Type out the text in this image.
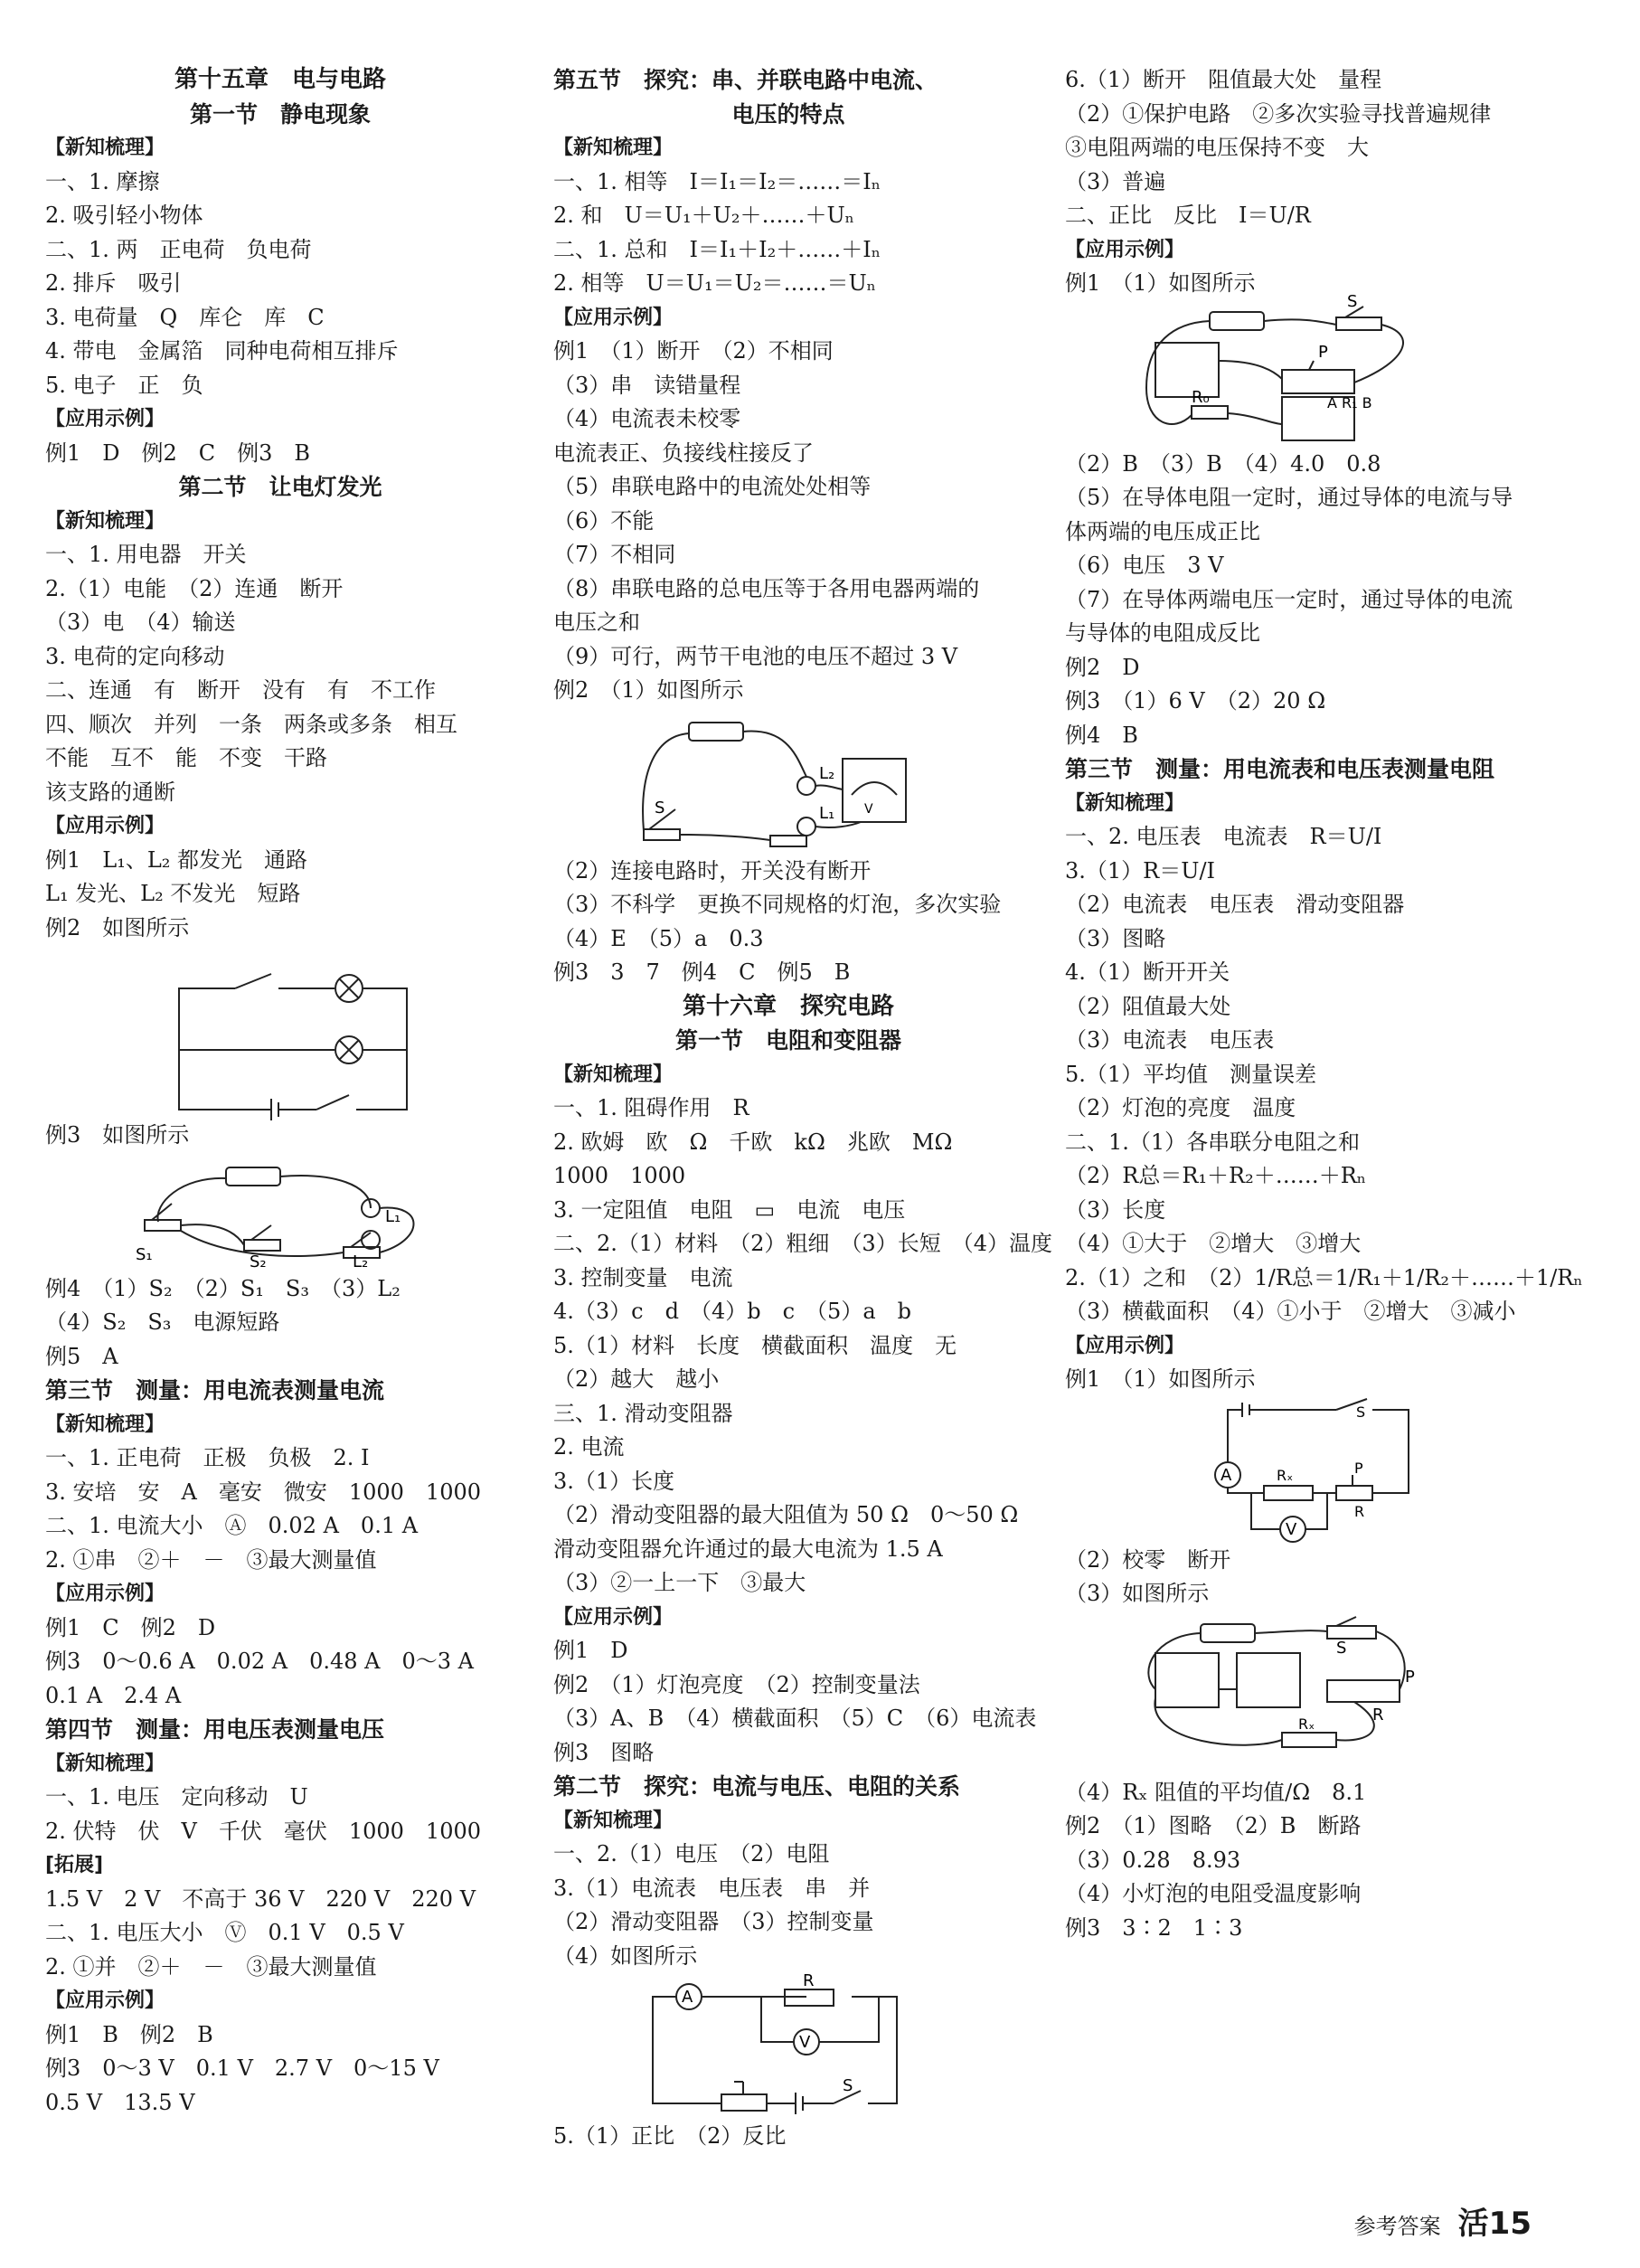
第十五章　电与电路
第一节　静电现象
【新知梳理】
一、1. 摩擦
2. 吸引轻小物体
二、1. 两　正电荷　负电荷
2. 排斥　吸引
3. 电荷量　Q　库仑　库　C
4. 带电　金属箔　同种电荷相互排斥
5. 电子　正　负
【应用示例】
例1　D　例2　C　例3　B
第二节　让电灯发光
【新知梳理】
一、1. 用电器　开关
2.（1）电能　（2）连通　断开
（3）电　（4）输送
3. 电荷的定向移动
二、连通　有　断开　没有　有　不工作
四、顺次　并列　一条　两条或多条　相互
不能　互不　能　不变　干路
该支路的通断
【应用示例】
例1　L₁、L₂ 都发光　通路
L₁ 发光、L₂ 不发光　短路
例2　如图所示
例3　如图所示
S₁	S₂	L₂
L₁
例4　（1）S₂　（2）S₁　S₃　（3）L₂
（4）S₂　S₃　电源短路
例5　A
第三节　测量：用电流表测量电流
【新知梳理】
一、1. 正电荷　正极　负极　2. I
3. 安培　安　A　毫安　微安　1000　1000
二、1. 电流大小　Ⓐ　0.02 A　0.1 A
2. ①串　②＋　－　③最大测量值
【应用示例】
例1　C　例2　D
例3　0～0.6 A　0.02 A　0.48 A　0～3 A
0.1 A　2.4 A
第四节　测量：用电压表测量电压
【新知梳理】
一、1. 电压　定向移动　U
2. 伏特　伏　V　千伏　毫伏　1000　1000
[拓展]
1.5 V　2 V　不高于 36 V　220 V　220 V
二、1. 电压大小　Ⓥ　0.1 V　0.5 V
2. ①并　②＋　－　③最大测量值
【应用示例】
例1　B　例2　B
例3　0～3 V　0.1 V　2.7 V　0～15 V
0.5 V　13.5 V
第五节　探究：串、并联电路中电流、
电压的特点
【新知梳理】
一、1. 相等　I＝I₁＝I₂＝……＝Iₙ
2. 和　U＝U₁＋U₂＋……＋Uₙ
二、1. 总和　I＝I₁＋I₂＋……＋Iₙ
2. 相等　U＝U₁＝U₂＝……＝Uₙ
【应用示例】
例1　（1）断开　（2）不相同
（3）串　读错量程
（4）电流表未校零
电流表正、负接线柱接反了
（5）串联电路中的电流处处相等
（6）不能
（7）不相同
（8）串联电路的总电压等于各用电器两端的
电压之和
（9）可行，两节干电池的电压不超过 3 V
例2　（1）如图所示
L₂
L₁
S	V
（2）连接电路时，开关没有断开
（3）不科学　更换不同规格的灯泡，多次实验
（4）E　（5）a　0.3
例3　3　7　例4　C　例5　B
第十六章　探究电路
第一节　电阻和变阻器
【新知梳理】
一、1. 阻碍作用　R
2. 欧姆　欧　Ω　千欧　kΩ　兆欧　MΩ
1000　1000
3. 一定阻值　电阻　▭　电流　电压
二、2.（1）材料　（2）粗细　（3）长短　（4）温度
3. 控制变量　电流
4.（3）c　d　（4）b　c　（5）a　b
5.（1）材料　长度　横截面积　温度　无
（2）越大　越小
三、1. 滑动变阻器
2. 电流
3.（1）长度
（2）滑动变阻器的最大阻值为 50 Ω　0～50 Ω
滑动变阻器允许通过的最大电流为 1.5 A
（3）②一上一下　③最大
【应用示例】
例1　D
例2　（1）灯泡亮度　（2）控制变量法
（3）A、B　（4）横截面积　（5）C　（6）电流表
例3　图略
第二节　探究：电流与电压、电阻的关系
【新知梳理】
一、2.（1）电压　（2）电阻
3.（1）电流表　电压表　串　并
（2）滑动变阻器　（3）控制变量
（4）如图所示
A
V
R
S
5.（1）正比　（2）反比
6.（1）断开　阻值最大处　量程
（2）①保护电路　②多次实验寻找普遍规律
③电阻两端的电压保持不变　大
（3）普遍
二、正比　反比　I＝U/R
【应用示例】
例1　（1）如图所示
S
P
A R₁ B
R₀
（2）B　（3）B　（4）4.0　0.8
（5）在导体电阻一定时，通过导体的电流与导
体两端的电压成正比
（6）电压　3 V
（7）在导体两端电压一定时，通过导体的电流
与导体的电阻成反比
例2　D
例3　（1）6 V　（2）20 Ω
例4　B
第三节　测量：用电流表和电压表测量电阻
【新知梳理】
一、2. 电压表　电流表　R＝U/I
3.（1）R＝U/I
（2）电流表　电压表　滑动变阻器
（3）图略
4.（1）断开开关
（2）阻值最大处
（3）电流表　电压表
5.（1）平均值　测量误差
（2）灯泡的亮度　温度
二、1.（1）各串联分电阻之和
（2）R总＝R₁＋R₂＋……＋Rₙ
（3）长度
（4）①大于　②增大　③增大
2.（1）之和　（2）1/R总＝1/R₁＋1/R₂＋……＋1/Rₙ
（3）横截面积　（4）①小于　②增大　③减小
【应用示例】
例1　（1）如图所示
A
V
Rₓ	P
R
S
（2）校零　断开
（3）如图所示
S
P
R
Rₓ
（4）Rₓ 阻值的平均值/Ω　8.1
例2　（1）图略　（2）B　断路
（3）0.28　8.93
（4）小灯泡的电阻受温度影响
例3　3∶2　1∶3
参考答案 活15
